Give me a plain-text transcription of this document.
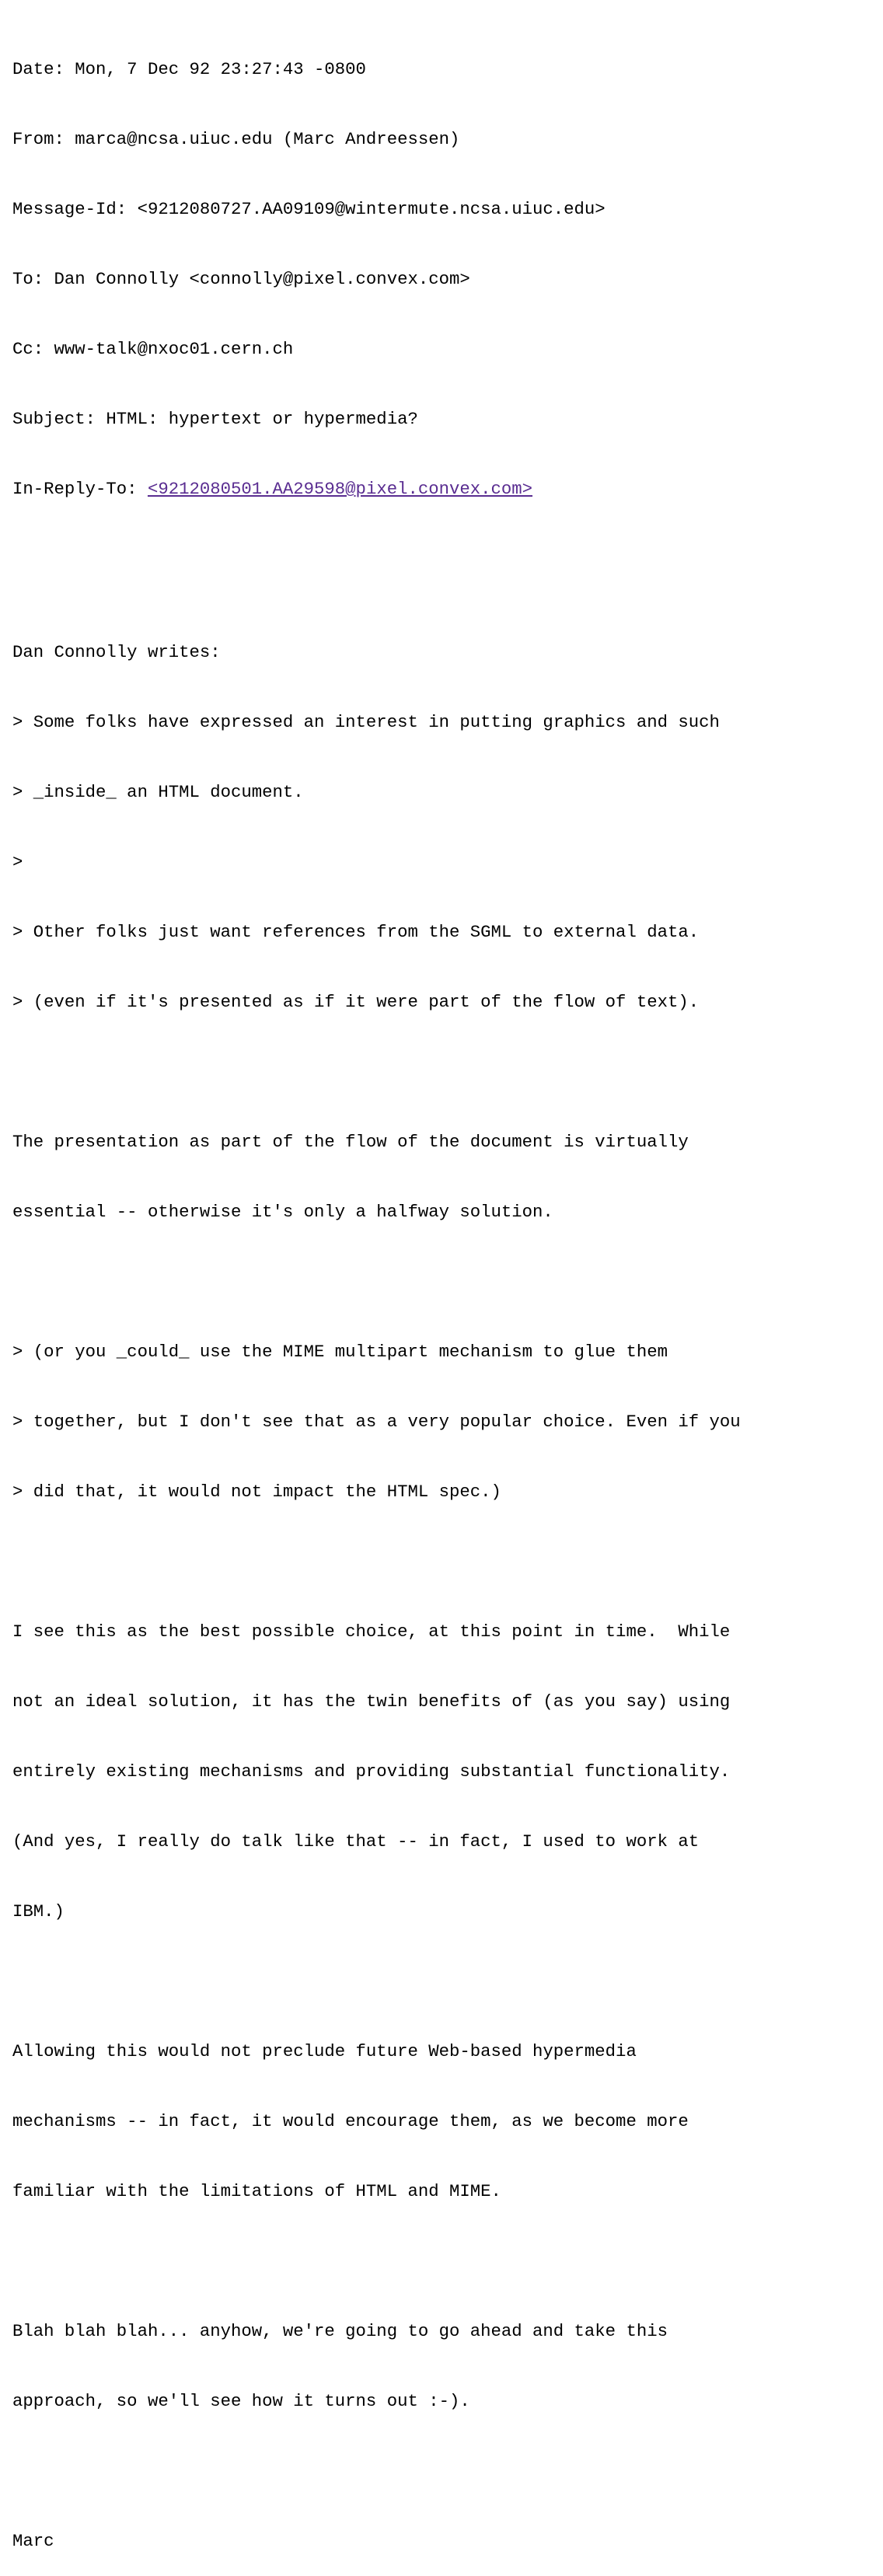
Date: Mon, 7 Dec 92 23:27:43 -0800

From: marca@ncsa.uiuc.edu (Marc Andreessen)

Message-Id: <9212080727.AA09109@wintermute.ncsa.uiuc.edu>

To: Dan Connolly <connolly@pixel.convex.com>

Cc: www-talk@nxoc01.cern.ch

Subject: HTML: hypertext or hypermedia?

In-Reply-To: <9212080501.AA29598@pixel.convex.com>

Dan Connolly writes:

> Some folks have expressed an interest in putting graphics and such

> _inside_ an HTML document.

>

> Other folks just want references from the SGML to external data.

> (even if it's presented as if it were part of the flow of text).

The presentation as part of the flow of the document is virtually

essential -- otherwise it's only a halfway solution.

> (or you _could_ use the MIME multipart mechanism to glue them

> together, but I don't see that as a very popular choice. Even if you

> did that, it would not impact the HTML spec.)

I see this as the best possible choice, at this point in time.  While

not an ideal solution, it has the twin benefits of (as you say) using

entirely existing mechanisms and providing substantial functionality.

(And yes, I really do talk like that -- in fact, I used to work at

IBM.)

Allowing this would not preclude future Web-based hypermedia

mechanisms -- in fact, it would encourage them, as we become more

familiar with the limitations of HTML and MIME.

Blah blah blah... anyhow, we're going to go ahead and take this

approach, so we'll see how it turns out :-).

Marc
